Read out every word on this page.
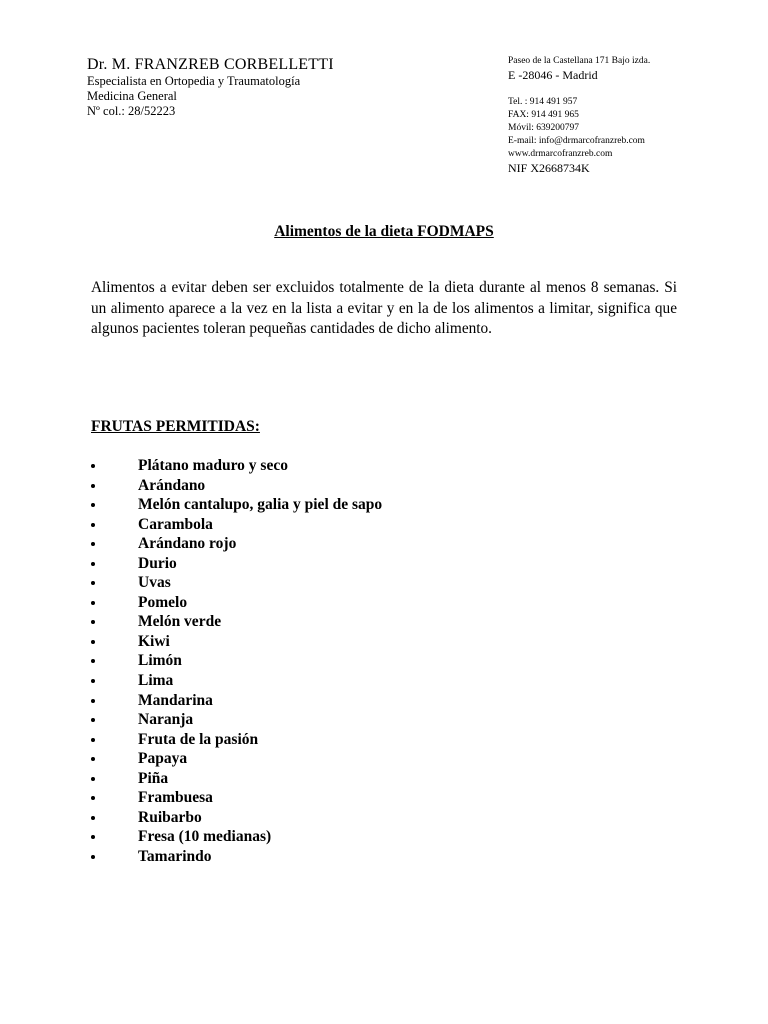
Dr. M. FRANZREB CORBELLETTI
Especialista en Ortopedia y Traumatología
Medicina General
Nº col.: 28/52223
Paseo de la Castellana 171 Bajo izda.
E -28046 - Madrid
Tel. : 914 491 957
FAX: 914 491 965
Móvil: 639200797
E-mail: info@drmarcofranzreb.com
www.drmarcofranzreb.com
NIF X2668734K
Alimentos de la dieta FODMAPS
Alimentos a evitar deben ser excluidos totalmente de la dieta durante al menos 8 semanas. Si un alimento aparece a la vez en la lista a evitar y en la de los alimentos a limitar, significa que algunos pacientes toleran pequeñas cantidades de dicho alimento.
FRUTAS PERMITIDAS:
Plátano maduro y seco
Arándano
Melón cantalupo, galia y piel de sapo
Carambola
Arándano rojo
Durio
Uvas
Pomelo
Melón verde
Kiwi
Limón
Lima
Mandarina
Naranja
Fruta de la pasión
Papaya
Piña
Frambuesa
Ruibarbo
Fresa (10 medianas)
Tamarindo
